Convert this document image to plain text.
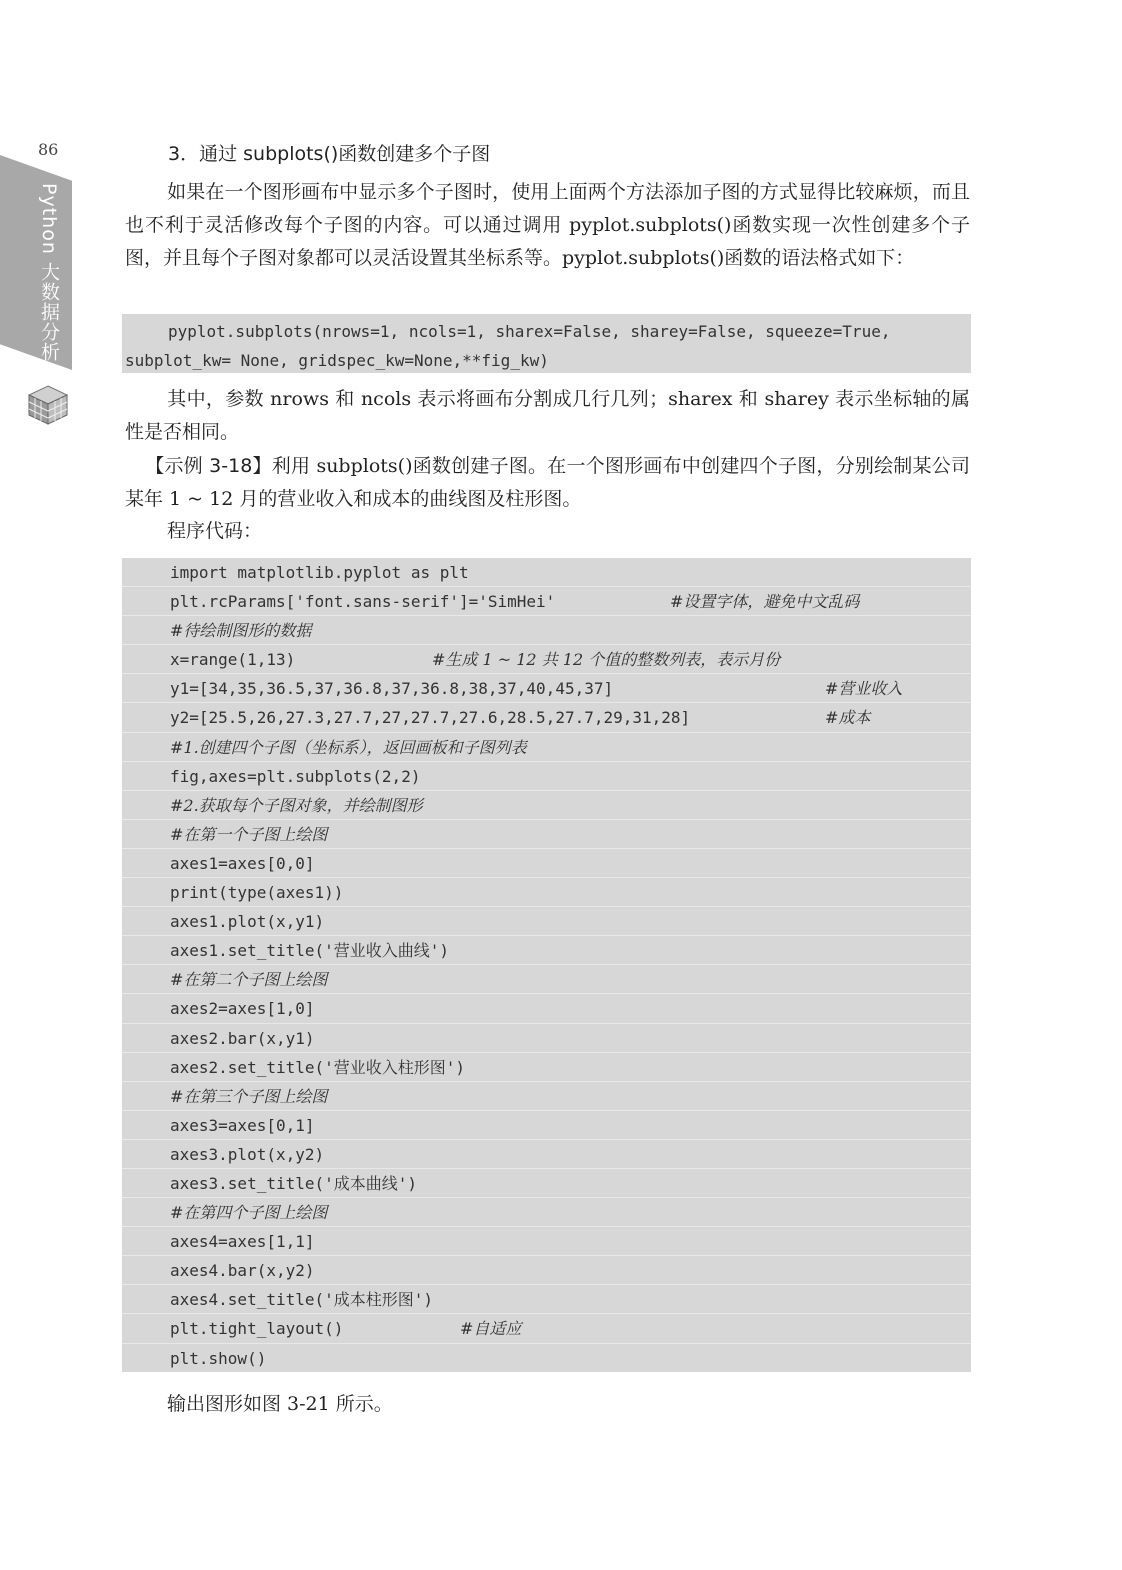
86
Python 大数据分析
3．通过 subplots()函数创建多个子图
如果在一个图形画布中显示多个子图时，使用上面两个方法添加子图的方式显得比较麻烦，而且也不利于灵活修改每个子图的内容。可以通过调用 pyplot.subplots()函数实现一次性创建多个子图，并且每个子图对象都可以灵活设置其坐标系等。pyplot.subplots()函数的语法格式如下：
pyplot.subplots(nrows=1, ncols=1, sharex=False, sharey=False, squeeze=True,
subplot_kw= None, gridspec_kw=None,**fig_kw)
其中，参数 nrows 和 ncols 表示将画布分割成几行几列；sharex 和 sharey 表示坐标轴的属性是否相同。
【示例 3-18】利用 subplots()函数创建子图。在一个图形画布中创建四个子图，分别绘制某公司某年 1 ~ 12 月的营业收入和成本的曲线图及柱形图。
程序代码：
import matplotlib.pyplot as plt
plt.rcParams['font.sans-serif']='SimHei'	#设置字体，避免中文乱码
#待绘制图形的数据
x=range(1,13)	#生成 1 ~ 12 共 12 个值的整数列表，表示月份
y1=[34,35,36.5,37,36.8,37,36.8,38,37,40,45,37]	#营业收入
y2=[25.5,26,27.3,27.7,27,27.7,27.6,28.5,27.7,29,31,28]	#成本
#1.创建四个子图（坐标系），返回画板和子图列表
fig,axes=plt.subplots(2,2)
#2.获取每个子图对象，并绘制图形
#在第一个子图上绘图
axes1=axes[0,0]
print(type(axes1))
axes1.plot(x,y1)
axes1.set_title('营业收入曲线')
#在第二个子图上绘图
axes2=axes[1,0]
axes2.bar(x,y1)
axes2.set_title('营业收入柱形图')
#在第三个子图上绘图
axes3=axes[0,1]
axes3.plot(x,y2)
axes3.set_title('成本曲线')
#在第四个子图上绘图
axes4=axes[1,1]
axes4.bar(x,y2)
axes4.set_title('成本柱形图')
plt.tight_layout()	#自适应
plt.show()
输出图形如图 3-21 所示。
